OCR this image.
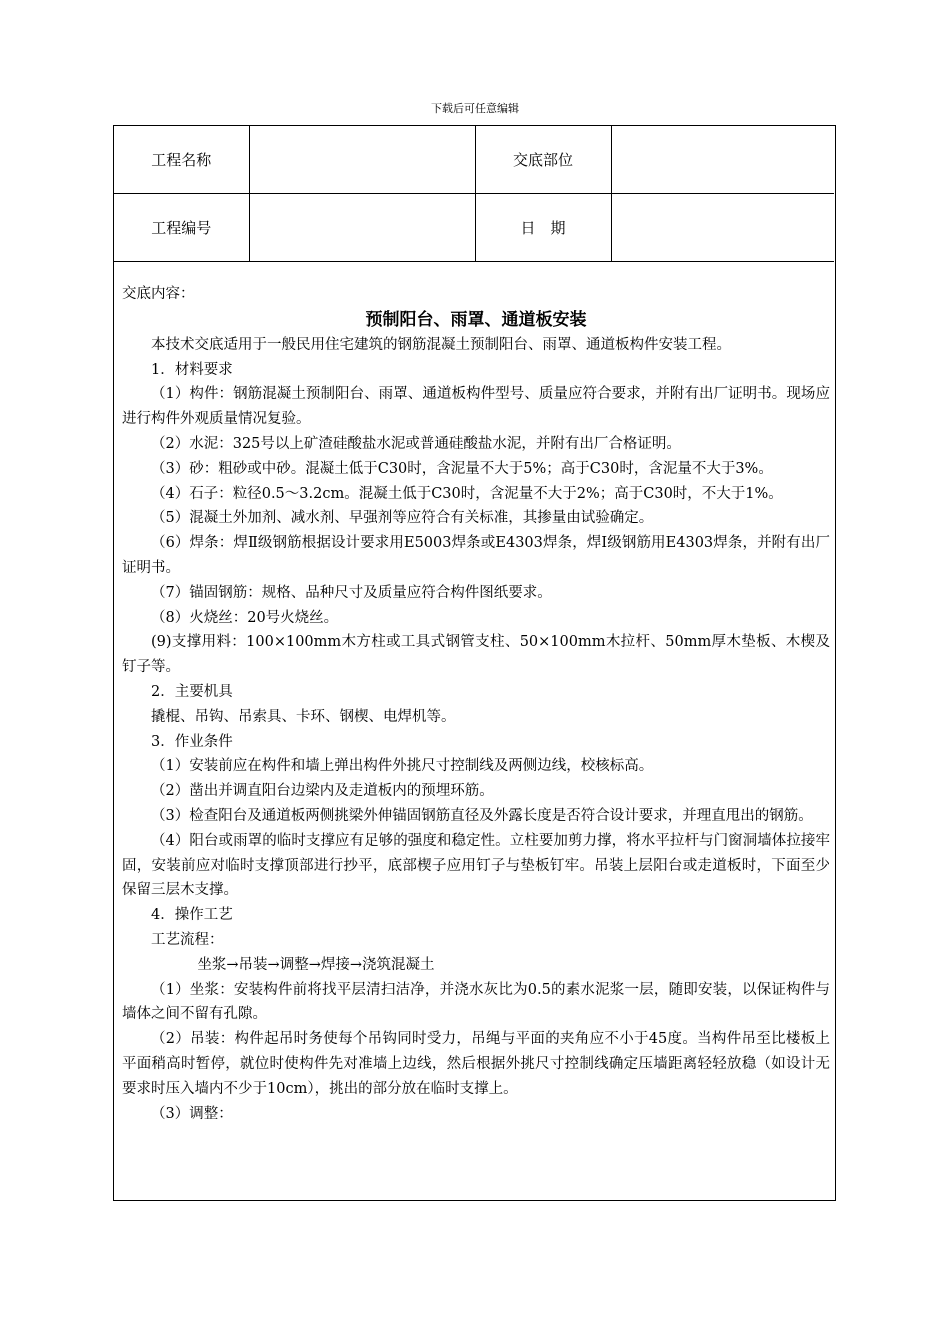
下载后可任意编辑
工程名称		交底部位	
工程编号		日　期	

交底内容：

预制阳台、雨罩、通道板安装

本技术交底适用于一般民用住宅建筑的钢筋混凝土预制阳台、雨罩、通道板构件安装工程。

1．材料要求

（1）构件：钢筋混凝土预制阳台、雨罩、通道板构件型号、质量应符合要求，并附有出厂证明书。现场应进行构件外观质量情况复验。

（2）水泥：325号以上矿渣硅酸盐水泥或普通硅酸盐水泥，并附有出厂合格证明。

（3）砂：粗砂或中砂。混凝土低于C30时，含泥量不大于5%；高于C30时，含泥量不大于3%。

（4）石子：粒径0.5～3.2cm。混凝土低于C30时，含泥量不大于2%；高于C30时，不大于1%。

（5）混凝土外加剂、减水剂、早强剂等应符合有关标准，其掺量由试验确定。

（6）焊条：焊Ⅱ级钢筋根据设计要求用E5003焊条或E4303焊条，焊I级钢筋用E4303焊条，并附有出厂证明书。

（7）锚固钢筋：规格、品种尺寸及质量应符合构件图纸要求。

（8）火烧丝：20号火烧丝。

(9)支撑用料：100×100mm木方柱或工具式钢管支柱、50×100mm木拉杆、50mm厚木垫板、木楔及钉子等。

2．主要机具

撬棍、吊钩、吊索具、卡环、钢楔、电焊机等。

3．作业条件

（1）安装前应在构件和墙上弹出构件外挑尺寸控制线及两侧边线，校核标高。

（2）凿出并调直阳台边梁内及走道板内的预埋环筋。

（3）检查阳台及通道板两侧挑梁外伸锚固钢筋直径及外露长度是否符合设计要求，并理直甩出的钢筋。

（4）阳台或雨罩的临时支撑应有足够的强度和稳定性。立柱要加剪力撑，将水平拉杆与门窗洞墙体拉接牢固，安装前应对临时支撑顶部进行抄平，底部楔子应用钉子与垫板钉牢。吊装上层阳台或走道板时，下面至少保留三层木支撑。

4．操作工艺

工艺流程：

坐浆→吊装→调整→焊接→浇筑混凝土

（1）坐浆：安装构件前将找平层清扫洁净，并浇水灰比为0.5的素水泥浆一层，随即安装，以保证构件与墙体之间不留有孔隙。

（2）吊装：构件起吊时务使每个吊钩同时受力，吊绳与平面的夹角应不小于45度。当构件吊至比楼板上平面稍高时暂停，就位时使构件先对准墙上边线，然后根据外挑尺寸控制线确定压墙距离轻轻放稳（如设计无要求时压入墙内不少于10cm），挑出的部分放在临时支撑上。

（3）调整：
